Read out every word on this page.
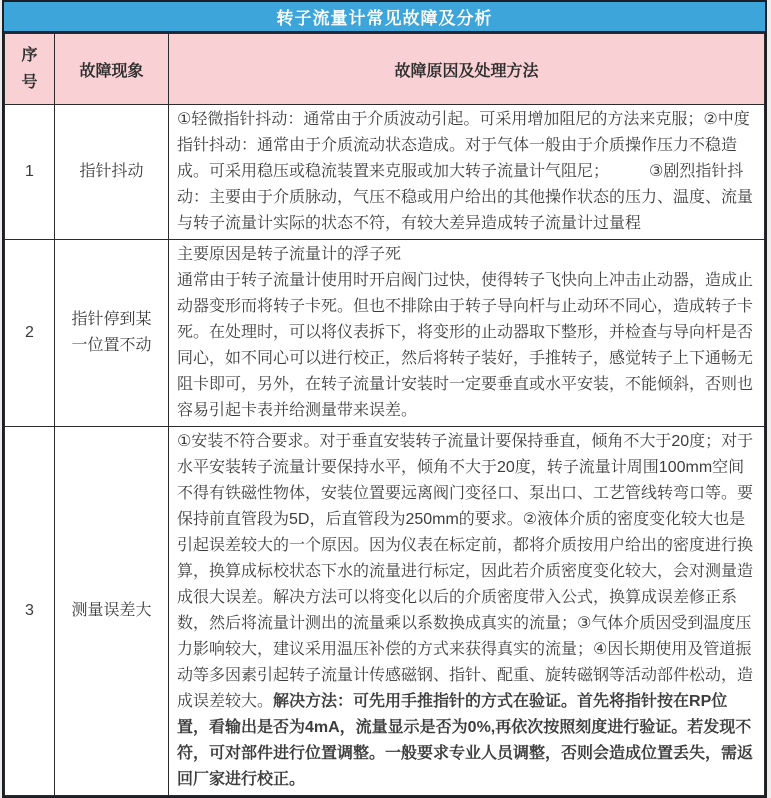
转子流量计常见故障及分析
序号	故障现象	故障原因及处理方法
1	指针抖动	①轻微指针抖动：通常由于介质波动引起。可采用增加阻尼的方法来克服；②中度指针抖动：通常由于介质流动状态造成。对于气体一般由于介质操作压力不稳造成。可采用稳压或稳流装置来克服或加大转子流量计气阻尼；　　　③剧烈指针抖动：主要由于介质脉动，气压不稳或用户给出的其他操作状态的压力、温度、流量与转子流量计实际的状态不符，有较大差异造成转子流量计过量程
2	指针停到某一位置不动	主要原因是转子流量计的浮子死
通常由于转子流量计使用时开启阀门过快，使得转子飞快向上冲击止动器，造成止动器变形而将转子卡死。但也不排除由于转子导向杆与止动环不同心，造成转子卡死。在处理时，可以将仪表拆下，将变形的止动器取下整形，并检查与导向杆是否同心，如不同心可以进行校正，然后将转子装好，手推转子，感觉转子上下通畅无阻卡即可，另外，在转子流量计安装时一定要垂直或水平安装，不能倾斜，否则也容易引起卡表并给测量带来误差。

3	测量误差大	①安装不符合要求。对于垂直安装转子流量计要保持垂直，倾角不大于20度；对于水平安装转子流量计要保持水平，倾角不大于20度，转子流量计周围100mm空间不得有铁磁性物体，安装位置要远离阀门变径口、泵出口、工艺管线转弯口等。要保持前直管段为5D，后直管段为250mm的要求。②液体介质的密度变化较大也是引起误差较大的一个原因。因为仪表在标定前，都将介质按用户给出的密度进行换算，换算成标校状态下水的流量进行标定，因此若介质密度变化较大，会对测量造成很大误差。解决方法可以将变化以后的介质密度带入公式，换算成误差修正系数，然后将流量计测出的流量乘以系数换成真实的流量；③气体介质因受到温度压力影响较大，建议采用温压补偿的方式来获得真实的流量；④因长期使用及管道振动等多因素引起转子流量计传感磁钢、指针、配重、旋转磁钢等活动部件松动，造成误差较大。解决方法：可先用手推指针的方式在验证。首先将指针按在RP位置，看输出是否为4mA，流量显示是否为0%,再依次按照刻度进行验证。若发现不符，可对部件进行位置调整。一般要求专业人员调整，否则会造成位置丢失，需返回厂家进行校正。
